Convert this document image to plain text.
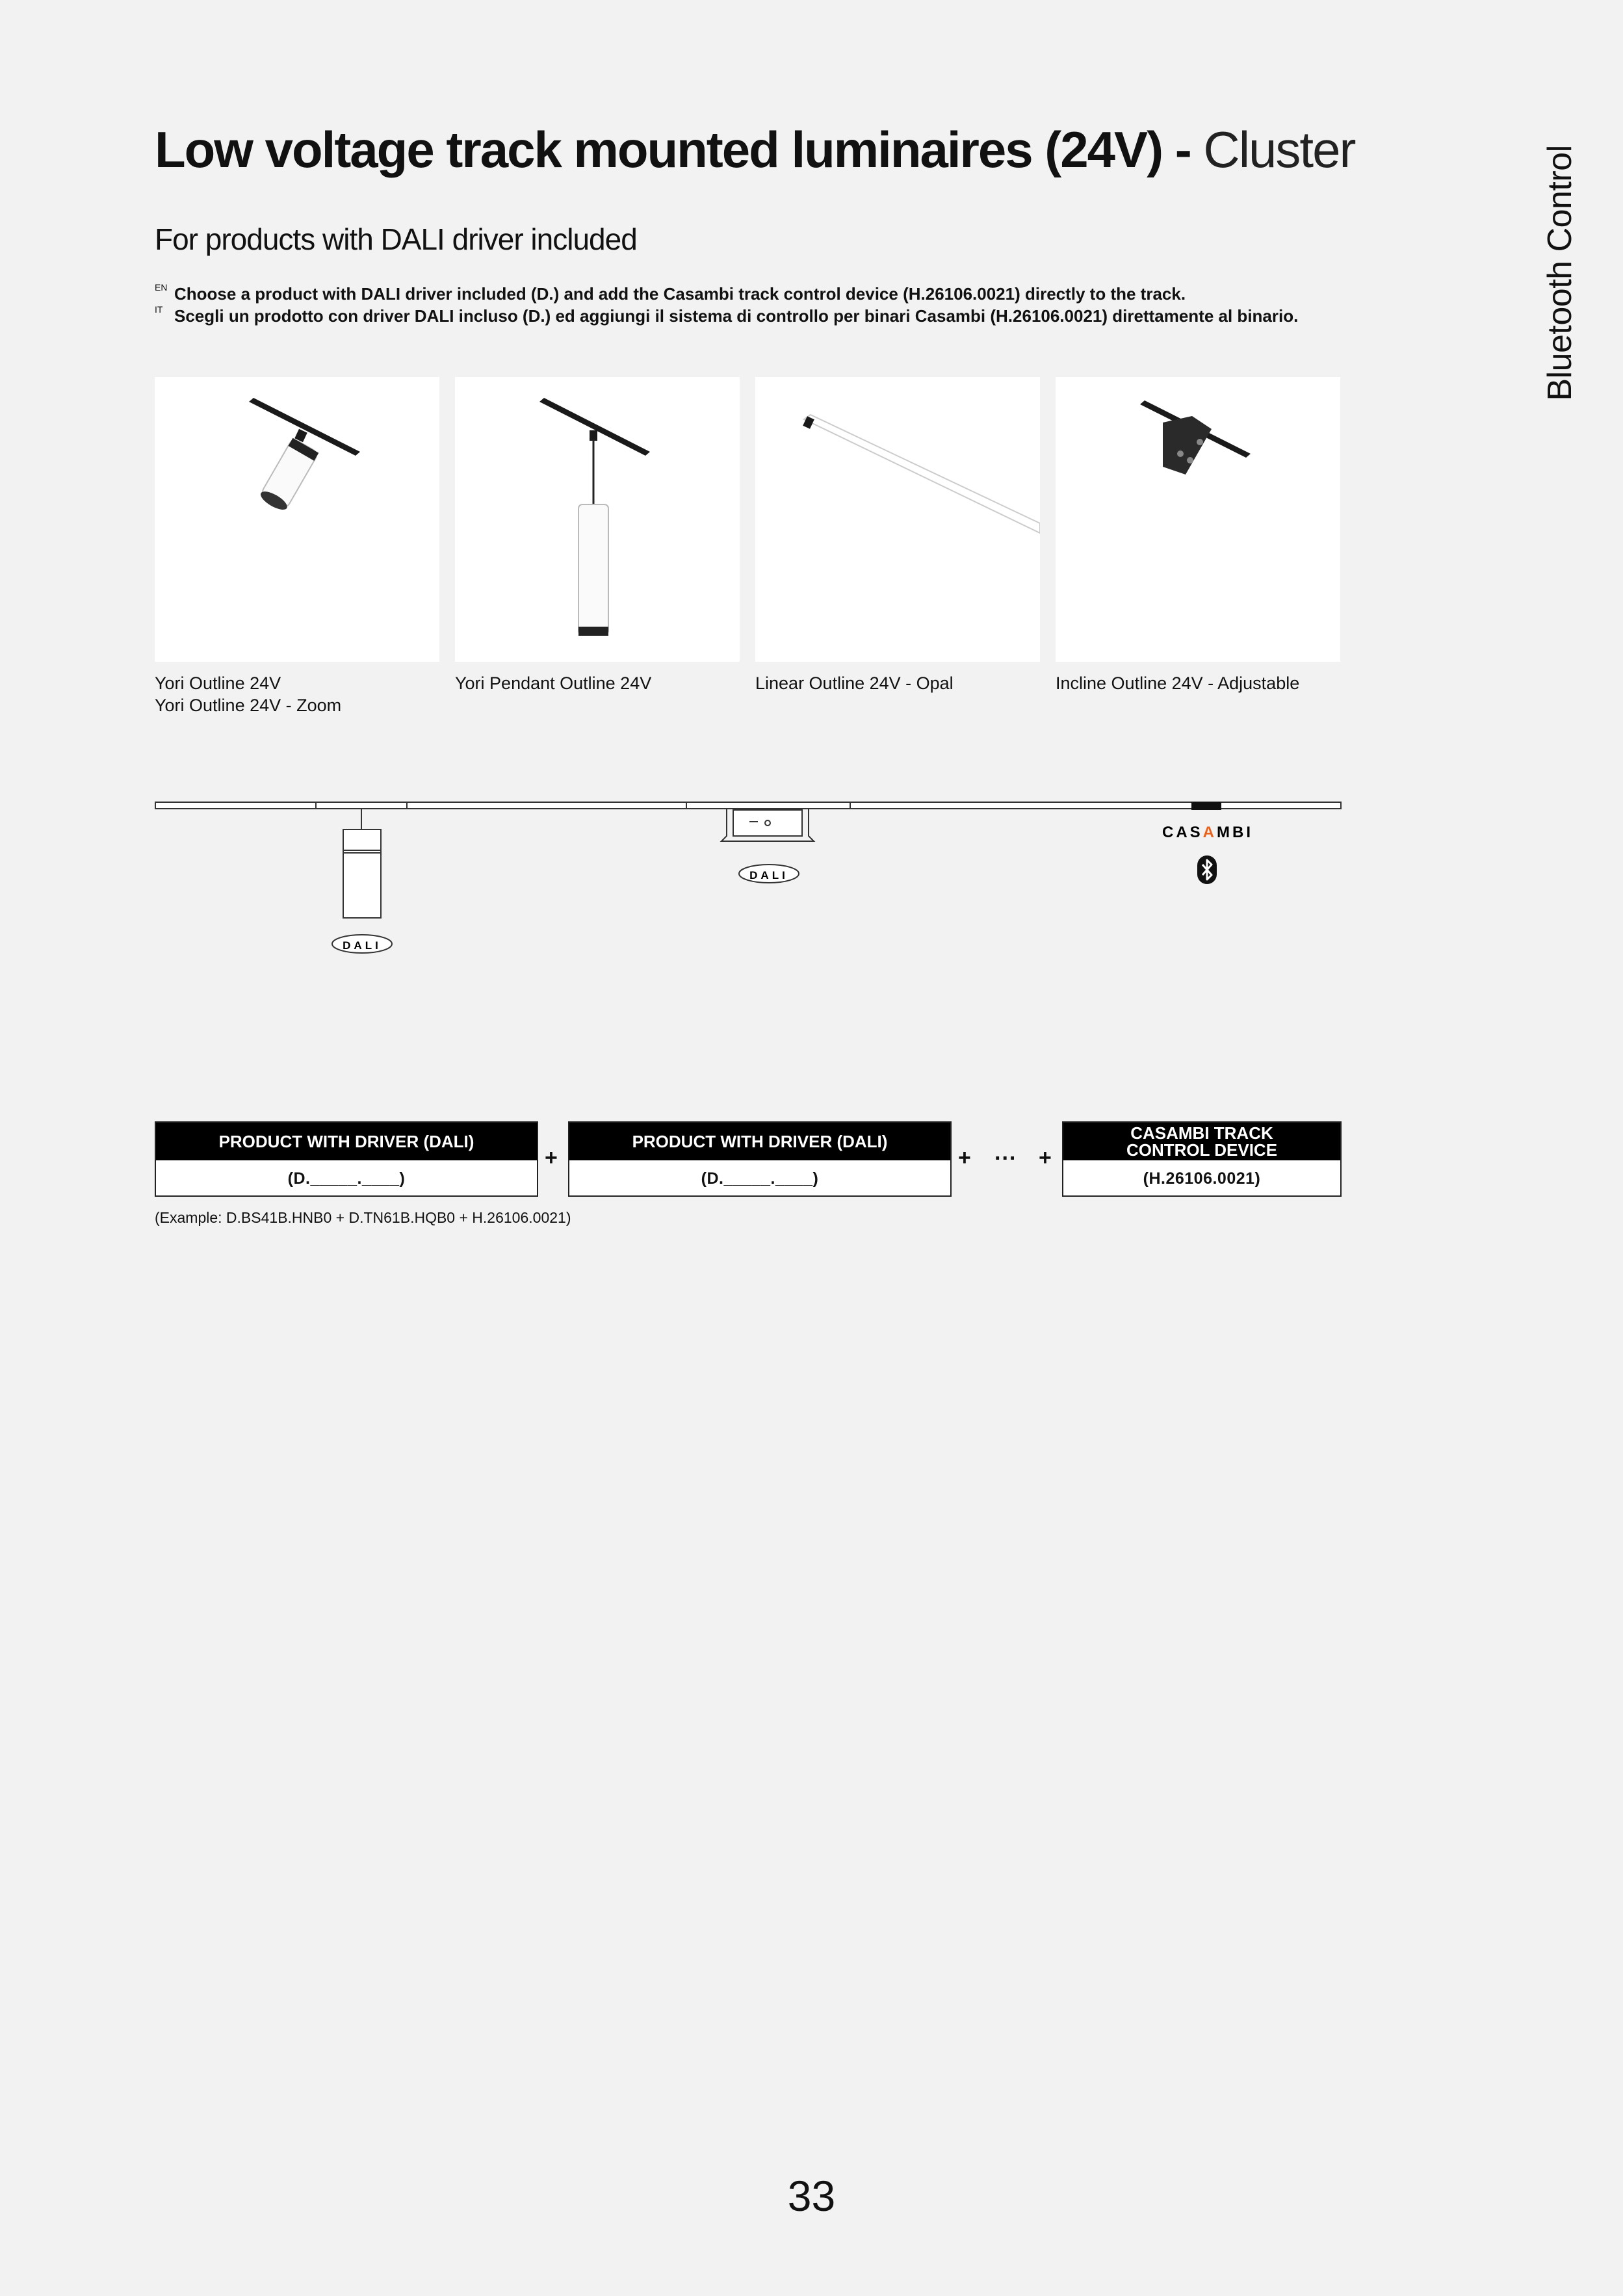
Low voltage track mounted luminaires (24V) - Cluster
For products with DALI driver included
EN Choose a product with DALI driver included (D.) and add the Casambi track control device (H.26106.0021) directly to the track.
IT Scegli un prodotto con driver DALI incluso (D.) ed aggiungi il sistema di controllo per binari Casambi (H.26106.0021) direttamente al binario.	Bluetooth Control
Yori Outline 24V
Yori Outline 24V - Zoom
Yori Pendant Outline 24V	Linear Outline 24V - Opal	Incline Outline 24V - Adjustable
DALI
DALI
CASAMBI
PRODUCT WITH DRIVER (DALI)
(D._____.____)
+
PRODUCT WITH DRIVER (DALI)
(D._____.____)
+ ... +
CASAMBI TRACK
CONTROL DEVICE
(H.26106.0021)
(Example: D.BS41B.HNB0 + D.TN61B.HQB0 + H.26106.0021)
33
